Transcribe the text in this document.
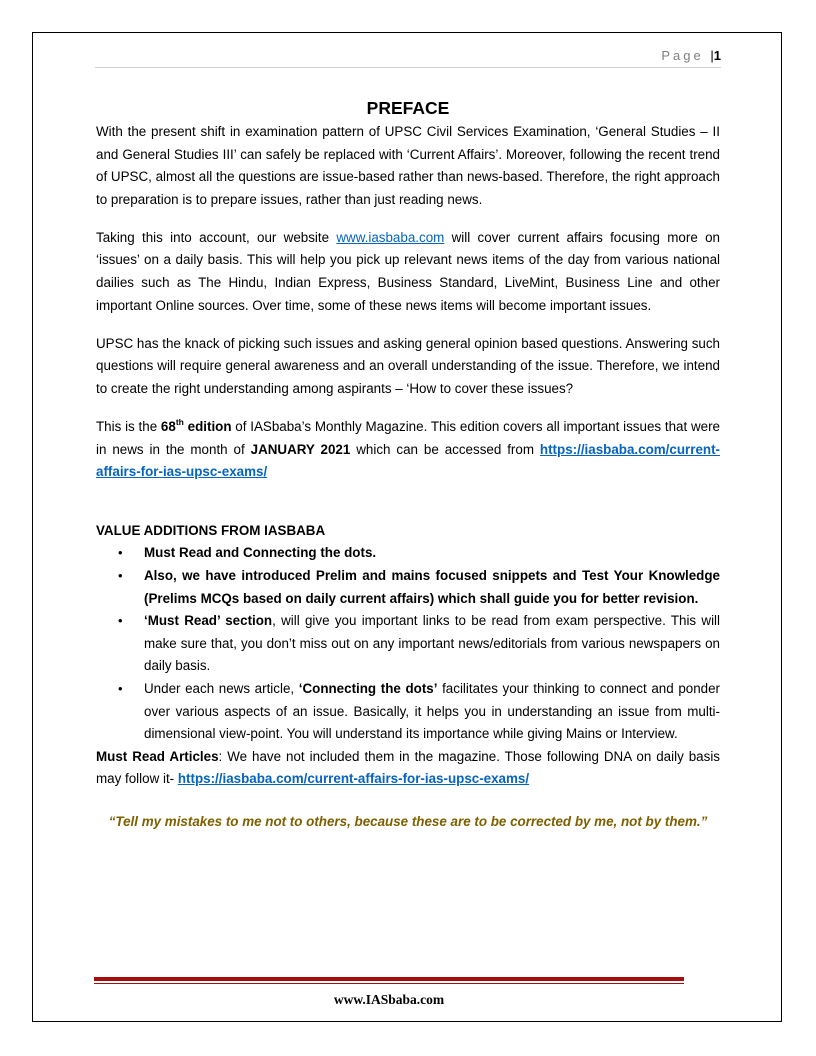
Page |1
PREFACE

With the present shift in examination pattern of UPSC Civil Services Examination, ‘General Studies – II and General Studies III’ can safely be replaced with ‘Current Affairs’. Moreover, following the recent trend of UPSC, almost all the questions are issue-based rather than news-based. Therefore, the right approach to preparation is to prepare issues, rather than just reading news.

Taking this into account, our website www.iasbaba.com will cover current affairs focusing more on ‘issues’ on a daily basis. This will help you pick up relevant news items of the day from various national dailies such as The Hindu, Indian Express, Business Standard, LiveMint, Business Line and other important Online sources. Over time, some of these news items will become important issues.

UPSC has the knack of picking such issues and asking general opinion based questions. Answering such questions will require general awareness and an overall understanding of the issue. Therefore, we intend to create the right understanding among aspirants – ‘How to cover these issues?

This is the 68th edition of IASbaba’s Monthly Magazine. This edition covers all important issues that were in news in the month of JANUARY 2021 which can be accessed from https://iasbaba.com/current-affairs-for-ias-upsc-exams/

VALUE ADDITIONS FROM IASBABA
• Must Read and Connecting the dots.
• Also, we have introduced Prelim and mains focused snippets and Test Your Knowledge (Prelims MCQs based on daily current affairs) which shall guide you for better revision.
• ‘Must Read’ section, will give you important links to be read from exam perspective. This will make sure that, you don’t miss out on any important news/editorials from various newspapers on daily basis.
• Under each news article, ‘Connecting the dots’ facilitates your thinking to connect and ponder over various aspects of an issue. Basically, it helps you in understanding an issue from multi-dimensional view-point. You will understand its importance while giving Mains or Interview.
Must Read Articles: We have not included them in the magazine. Those following DNA on daily basis may follow it- https://iasbaba.com/current-affairs-for-ias-upsc-exams/
“Tell my mistakes to me not to others, because these are to be corrected by me, not by them.”
www.IASbaba.com
